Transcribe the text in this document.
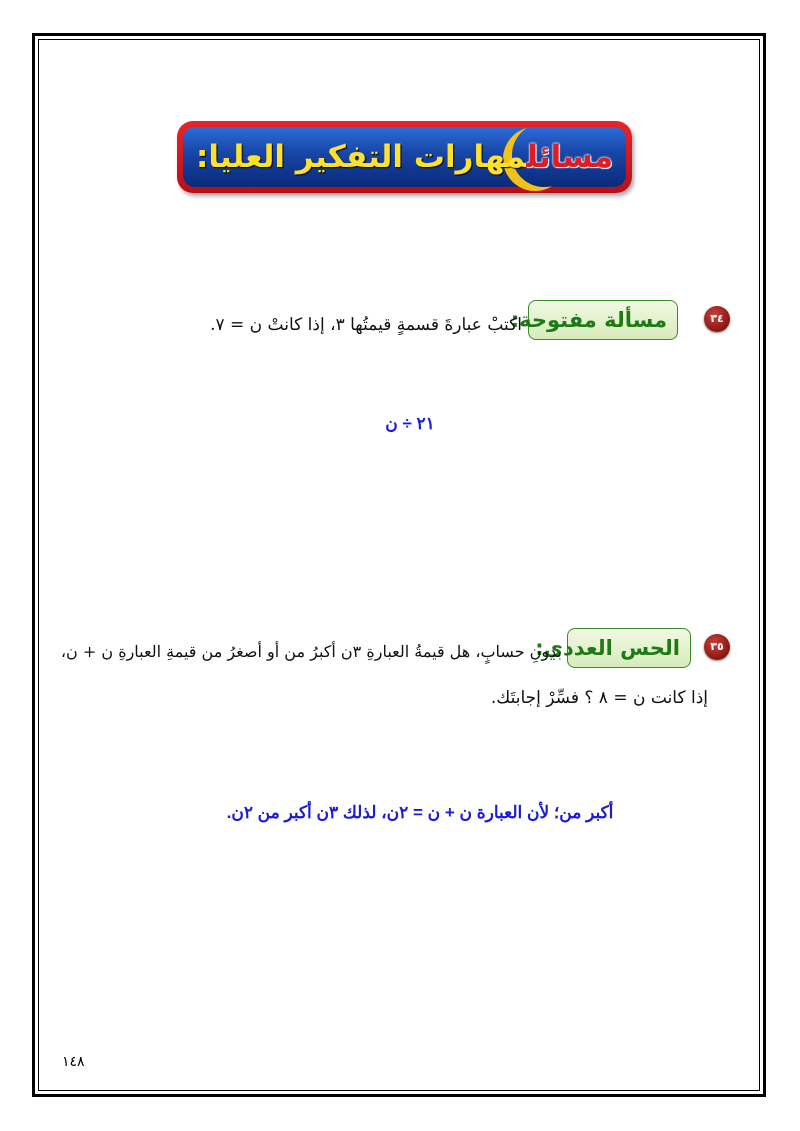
مسائلمهارات التفكير العليا:
٣٤
مسألة مفتوحة:
اكتبْ عبارةَ قسمةٍ قيمتُها ٣، إذا كانتْ ن = ٧.
٢١ ÷ ن
٣٥
الحس العددي:
بدونِ حسابٍ، هل قيمةُ العبارةِ ٣ن أكبرُ من أو أصغرُ من قيمةِ العبارةِ ن + ن،
إذا كانت ن = ٨ ؟ فسِّرْ إجابتَك.
أكبر من؛ لأن العبارة ن + ن = ٢ن، لذلك ٣ن أكبر من ٢ن.
١٤٨
